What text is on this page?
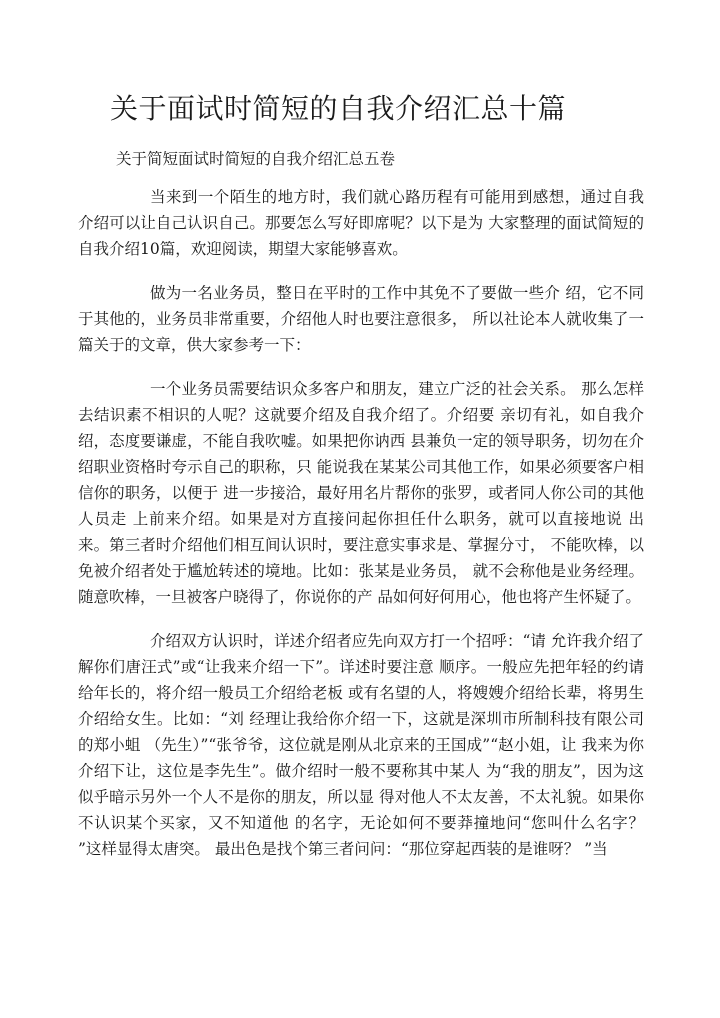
关于面试时简短的自我介绍汇总十篇
关于简短面试时简短的自我介绍汇总五卷

当来到一个陌生的地方时，我们就心路历程有可能用到感想，通过自我介绍可以让自己认识自己。那要怎么写好即席呢？以下是为 大家整理的面试简短的自我介绍10篇，欢迎阅读，期望大家能够喜欢。

做为一名业务员，整日在平时的工作中其免不了要做一些介 绍，它不同于其他的，业务员非常重要，介绍他人时也要注意很多， 所以社论本人就收集了一篇关于的文章，供大家参考一下：

一个业务员需要结识众多客户和朋友，建立广泛的社会关系。 那么怎样去结识素不相识的人呢？这就要介绍及自我介绍了。介绍要 亲切有礼，如自我介绍，态度要谦虚，不能自我吹嘘。如果把你讷西 县兼负一定的领导职务，切勿在介绍职业资格时夸示自己的职称，只 能说我在某某公司其他工作，如果必须要客户相信你的职务，以便于 进一步接洽，最好用名片帮你的张罗，或者同人你公司的其他人员走 上前来介绍。如果是对方直接问起你担任什么职务，就可以直接地说 出来。第三者时介绍他们相互间认识时，要注意实事求是、掌握分寸， 不能吹棒，以免被介绍者处于尴尬转述的境地。比如：张某是业务员， 就不会称他是业务经理。随意吹棒，一旦被客户晓得了，你说你的产 品如何好何用心，他也将产生怀疑了。

介绍双方认识时，详述介绍者应先向双方打一个招呼：“请 允许我介绍了解你们唐汪式”或“让我来介绍一下”。详述时要注意 顺序。一般应先把年轻的约请给年长的，将介绍一般员工介绍给老板 或有名望的人，将嫂嫂介绍给长辈，将男生介绍给女生。比如：“刘 经理让我给你介绍一下，这就是深圳市所制科技有限公司的郑小蛆 （先生）”“张爷爷，这位就是刚从北京来的王国成”“赵小姐，让 我来为你介绍下让，这位是李先生”。做介绍时一般不要称其中某人 为“我的朋友”，因为这似乎暗示另外一个人不是你的朋友，所以显 得对他人不太友善，不太礼貌。如果你不认识某个买家，又不知道他 的名字，无论如何不要莽撞地问“您叫什么名字？ ”这样显得太唐突。 最出色是找个第三者问问：“那位穿起西装的是谁呀？ ”当
